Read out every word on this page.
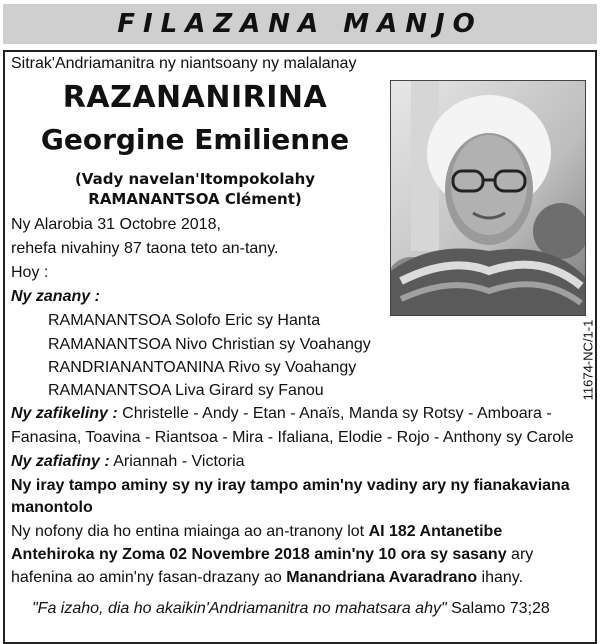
FILAZANA MANJO
Sitrak'Andriamanitra ny niantsoany ny malalanay
RAZANANIRINA
Georgine Emilienne
(Vady navelan'Itompokolahy
RAMANANTSOA Clément)
Ny Alarobia 31 Octobre 2018,
rehefa nivahiny 87 taona teto an-tany.
Hoy :
Ny zanany :
RAMANANTSOA Solofo Eric sy Hanta
RAMANANTSOA Nivo Christian sy Voahangy
RANDRIANANTOANINA Rivo sy Voahangy
RAMANANTSOA Liva Girard sy Fanou
Ny zafikeliny : Christelle - Andy - Etan - Anaïs, Manda sy Rotsy - Amboara -
Fanasina, Toavina - Riantsoa - Mira - Ifaliana, Elodie - Rojo - Anthony sy Carole
Ny zafiafiny : Ariannah - Victoria
Ny iray tampo aminy sy ny iray tampo amin'ny vadiny ary ny fianakaviana
manontolo
Ny nofony dia ho entina miainga ao an-tranony lot AI 182 Antanetibe
Antehiroka ny Zoma 02 Novembre 2018 amin'ny 10 ora sy sasany ary
hafenina ao amin'ny fasan-drazany ao Manandriana Avaradrano ihany.
"Fa izaho, dia ho akaikin'Andriamanitra no mahatsara ahy" Salamo 73;28
11674-NC/1-1
